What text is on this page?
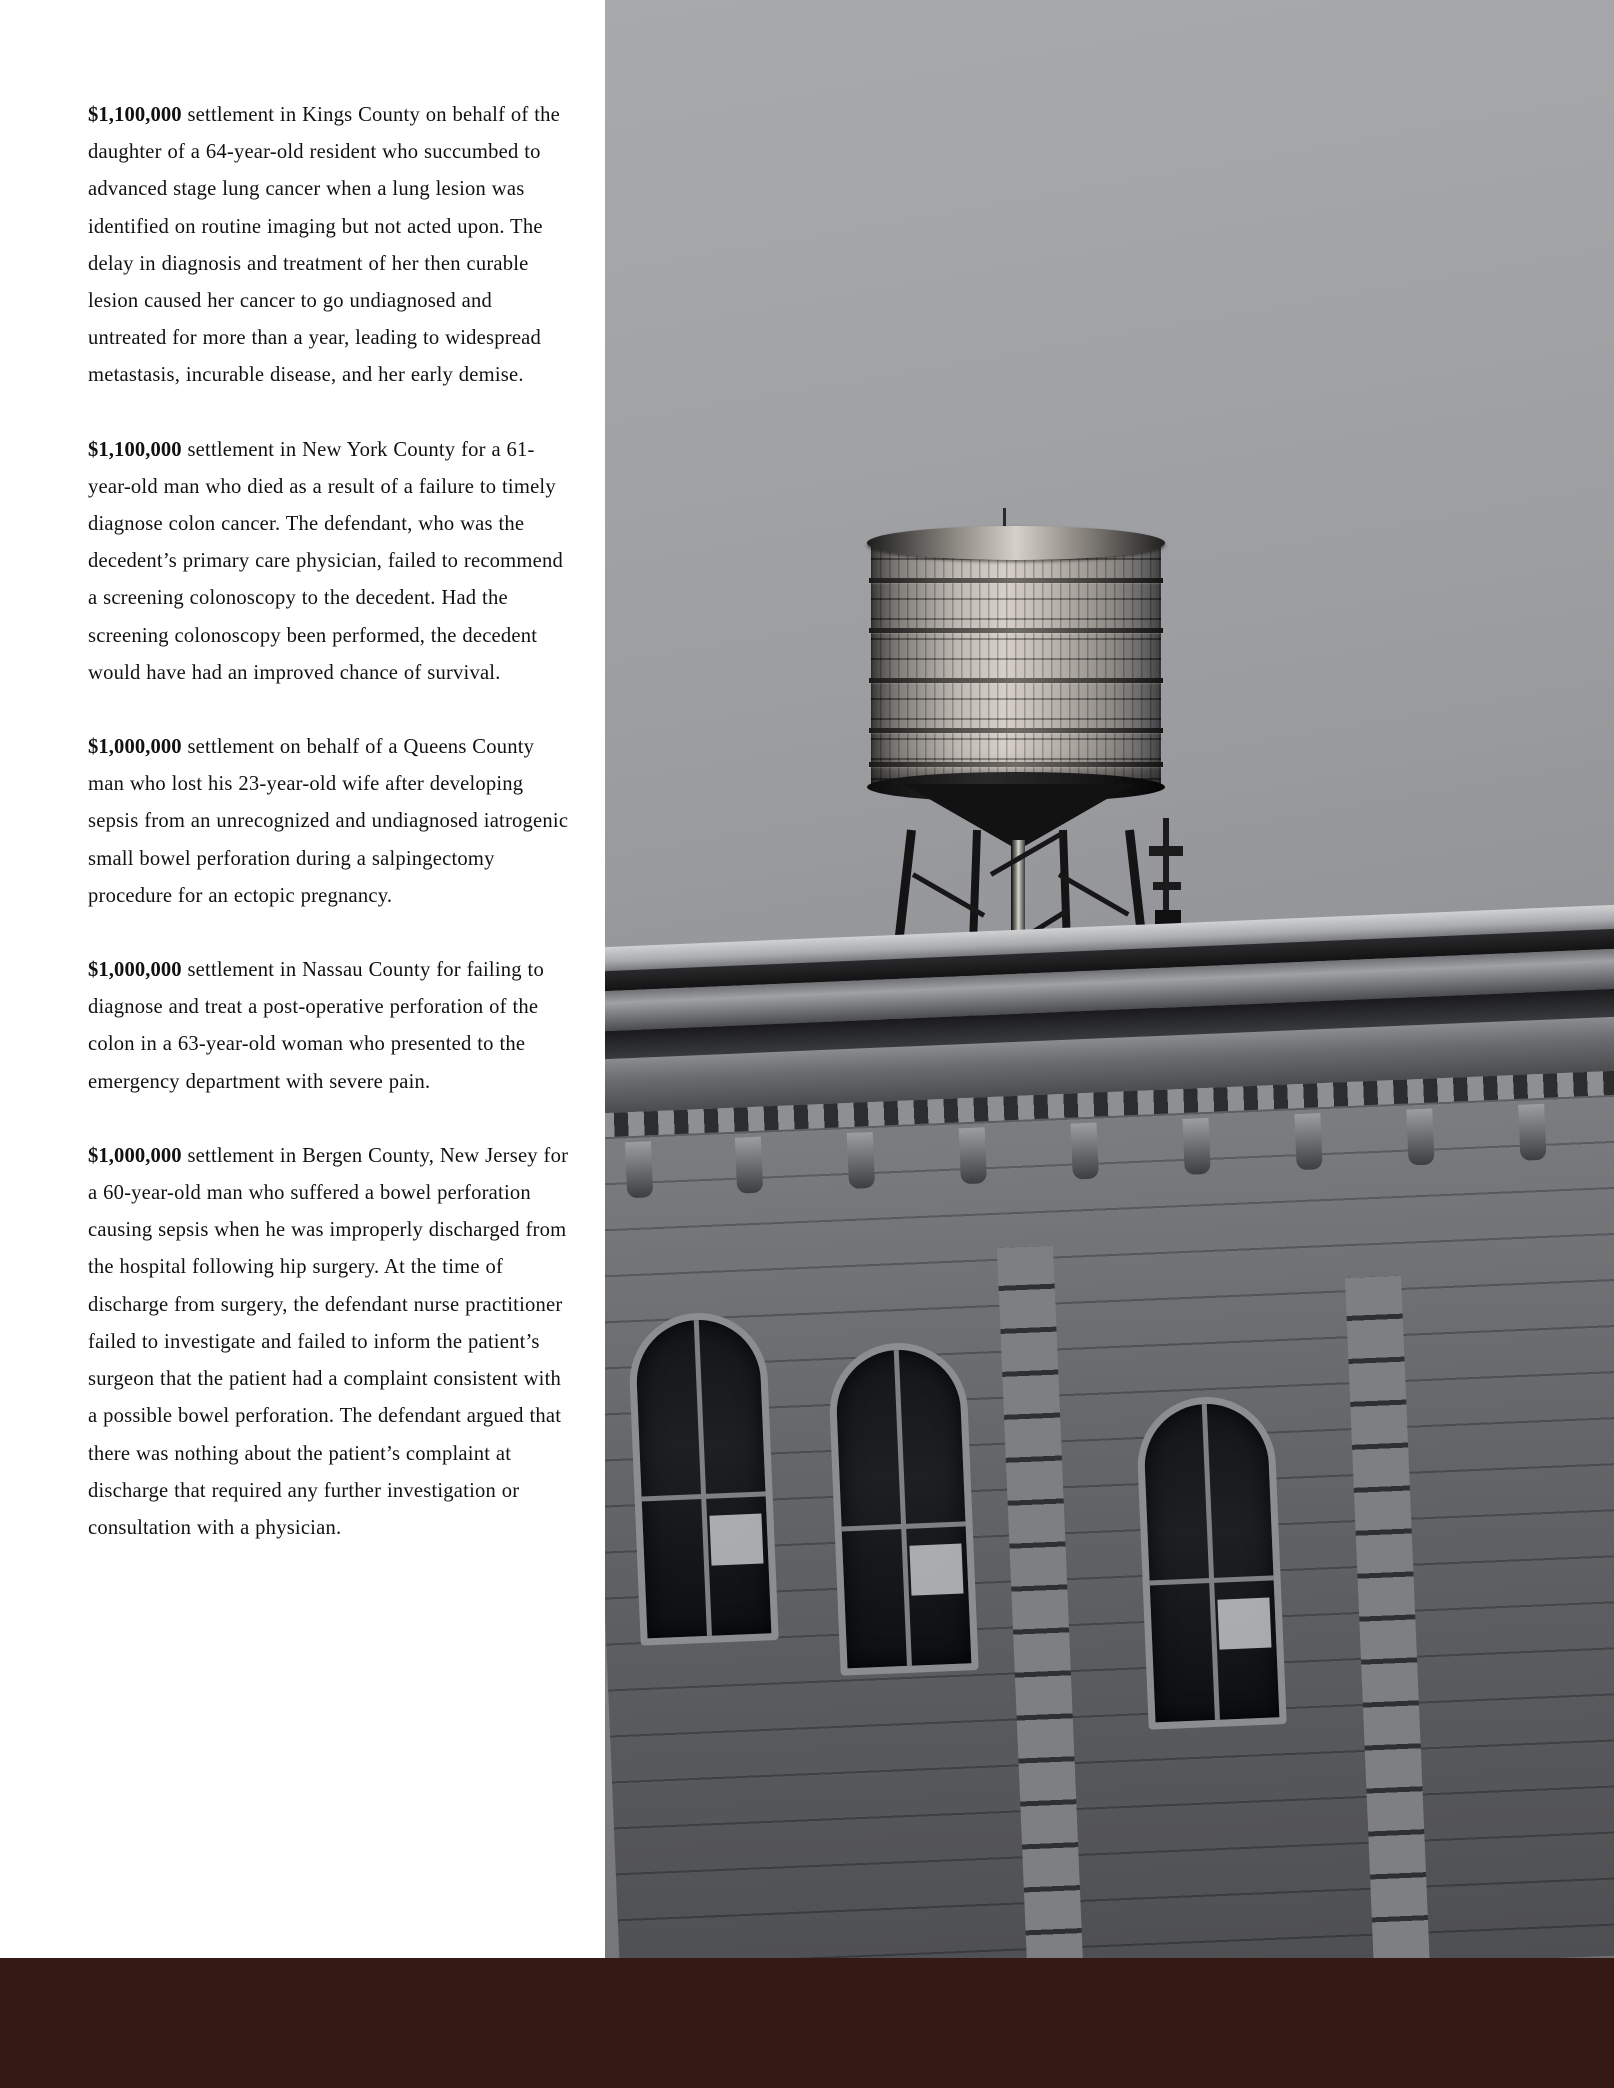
$1,100,000 settlement in Kings County on behalf of the daughter of a 64-year-old resident who succumbed to advanced stage lung cancer when a lung lesion was identified on routine imaging but not acted upon. The delay in diagnosis and treatment of her then curable lesion caused her cancer to go undiagnosed and untreated for more than a year, leading to widespread metastasis, incurable disease, and her early demise.

$1,100,000 settlement in New York County for a 61-year-old man who died as a result of a failure to timely diagnose colon cancer. The defendant, who was the decedent’s primary care physician, failed to recommend a screening colonoscopy to the decedent. Had the screening colonoscopy been performed, the decedent would have had an improved chance of survival.

$1,000,000 settlement on behalf of a Queens County man who lost his 23-year-old wife after developing sepsis from an unrecognized and undiagnosed iatrogenic small bowel perforation during a salpingectomy procedure for an ectopic pregnancy.

$1,000,000 settlement in Nassau County for failing to diagnose and treat a post-operative perforation of the colon in a 63-year-old woman who presented to the emergency department with severe pain.

$1,000,000 settlement in Bergen County, New Jersey for a 60-year-old man who suffered a bowel perforation causing sepsis when he was improperly discharged from the hospital following hip surgery. At the time of discharge from surgery, the defendant nurse practitioner failed to investigate and failed to inform the patient’s surgeon that the patient had a complaint consistent with a possible bowel perforation. The defendant argued that there was nothing about the patient’s complaint at discharge that required any further investigation or consultation with a physician.
